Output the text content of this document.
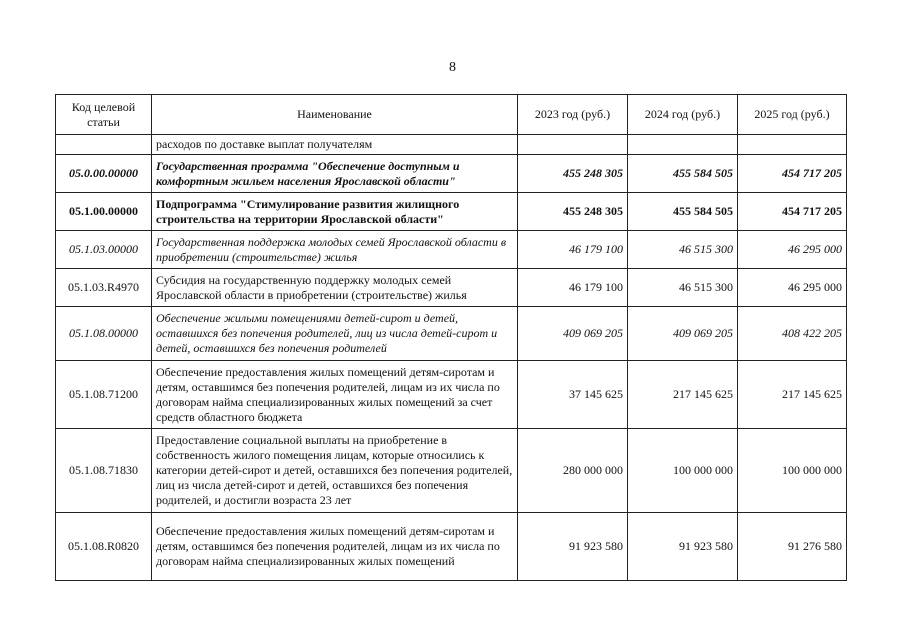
8
Код целевой статьи	Наименование	2023 год (руб.)	2024 год (руб.)	2025 год (руб.)
	расходов по доставке выплат получателям			
05.0.00.00000	Государственная программа "Обеспечение доступным и комфортным жильем населения Ярославской области"	455 248 305	455 584 505	454 717 205
05.1.00.00000	Подпрограмма "Стимулирование развития жилищного строительства на территории Ярославской области"	455 248 305	455 584 505	454 717 205
05.1.03.00000	Государственная поддержка молодых семей Ярославской области в приобретении (строительстве) жилья	46 179 100	46 515 300	46 295 000
05.1.03.R4970	Субсидия на государственную поддержку молодых семей Ярославской области в приобретении (строительстве) жилья	46 179 100	46 515 300	46 295 000
05.1.08.00000	Обеспечение жилыми помещениями детей-сирот и детей, оставшихся без попечения родителей, лиц из числа детей-сирот и детей, оставшихся без попечения родителей	409 069 205	409 069 205	408 422 205
05.1.08.71200	Обеспечение предоставления жилых помещений детям-сиротам и детям, оставшимся без попечения родителей, лицам из их числа по договорам найма специализированных жилых помещений за счет средств областного бюджета	37 145 625	217 145 625	217 145 625
05.1.08.71830	Предоставление социальной выплаты на приобретение в собственность жилого помещения лицам, которые относились к категории детей-сирот и детей, оставшихся без попечения родителей, лиц из числа детей-сирот и детей, оставшихся без попечения родителей, и достигли возраста 23 лет	280 000 000	100 000 000	100 000 000
05.1.08.R0820	Обеспечение предоставления жилых помещений детям-сиротам и детям, оставшимся без попечения родителей, лицам из их числа по договорам найма специализированных жилых помещений	91 923 580	91 923 580	91 276 580
